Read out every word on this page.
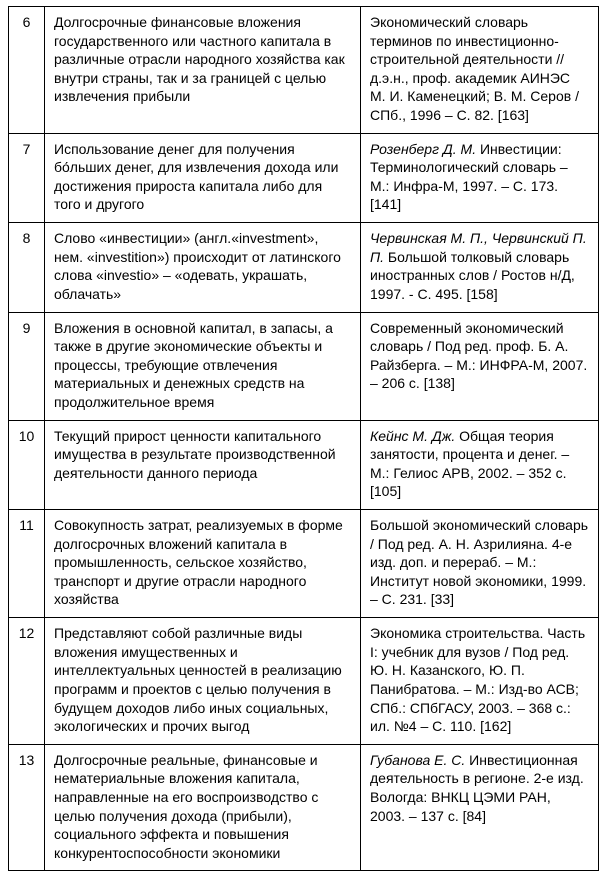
6	Долгосрочные финансовые вложения государственного или частного капитала в различные отрасли народного хозяйства как внутри страны, так и за границей с целью извлечения прибыли	Экономический словарь терминов по инвестиционно-строительной деятельности // д.э.н., проф. академик АИНЭС М. И. Каменецкий; В. М. Серов / СПб., 1996 – С. 82. [163]
7	Использование денег для получения бо́льших денег, для извлечения дохода или достижения прироста капитала либо для того и другого	Розенберг Д. М. Инвестиции: Терминологический словарь – М.: Инфра-М, 1997. – С. 173. [141]
8	Слово «инвестиции» (англ.«investment», нем. «investition») происходит от латинского слова «investio» – «одевать, украшать, облачать»	Червинская М. П., Червинский П. П. Большой толковый словарь иностранных слов / Ростов н/Д, 1997. - С. 495. [158]
9	Вложения в основной капитал, в запасы, а также в другие экономические объекты и процессы, требующие отвлечения материальных и денежных средств на продолжительное время	Современный экономический словарь / Под ред. проф. Б. А. Райзберга. – М.: ИНФРА-М, 2007. – 206 с. [138]
10	Текущий прирост ценности капитального имущества в результате производственной деятельности данного периода	Кейнс М. Дж. Общая теория занятости, процента и денег. – М.: Гелиос АРВ, 2002. – 352 с. [105]
11	Совокупность затрат, реализуемых в форме долгосрочных вложений капитала в промышленность, сельское хозяйство, транспорт и другие отрасли народного хозяйства	Большой экономический словарь / Под ред. А. Н. Азрилияна. 4-е изд. доп. и перераб. – М.: Институт новой экономики, 1999. – С. 231. [33]
12	Представляют собой различные виды вложения имущественных и интеллектуальных ценностей в реализацию программ и проектов с целью получения в будущем доходов либо иных социальных, экологических и прочих выгод	Экономика строительства. Часть I: учебник для вузов / Под ред. Ю. Н. Казанского, Ю. П. Панибратова. – М.: Изд-во АСВ; СПб.: СПбГАСУ, 2003. – 368 с.: ил. №4 – С. 110. [162]
13	Долгосрочные реальные, финансовые и нематериальные вложения капитала, направленные на его воспроизводство с целью получения дохода (прибыли), социального эффекта и повышения конкурентоспособности экономики	Губанова Е. С. Инвестиционная деятельность в регионе. 2-е изд. Вологда: ВНКЦ ЦЭМИ РАН, 2003. – 137 с. [84]
